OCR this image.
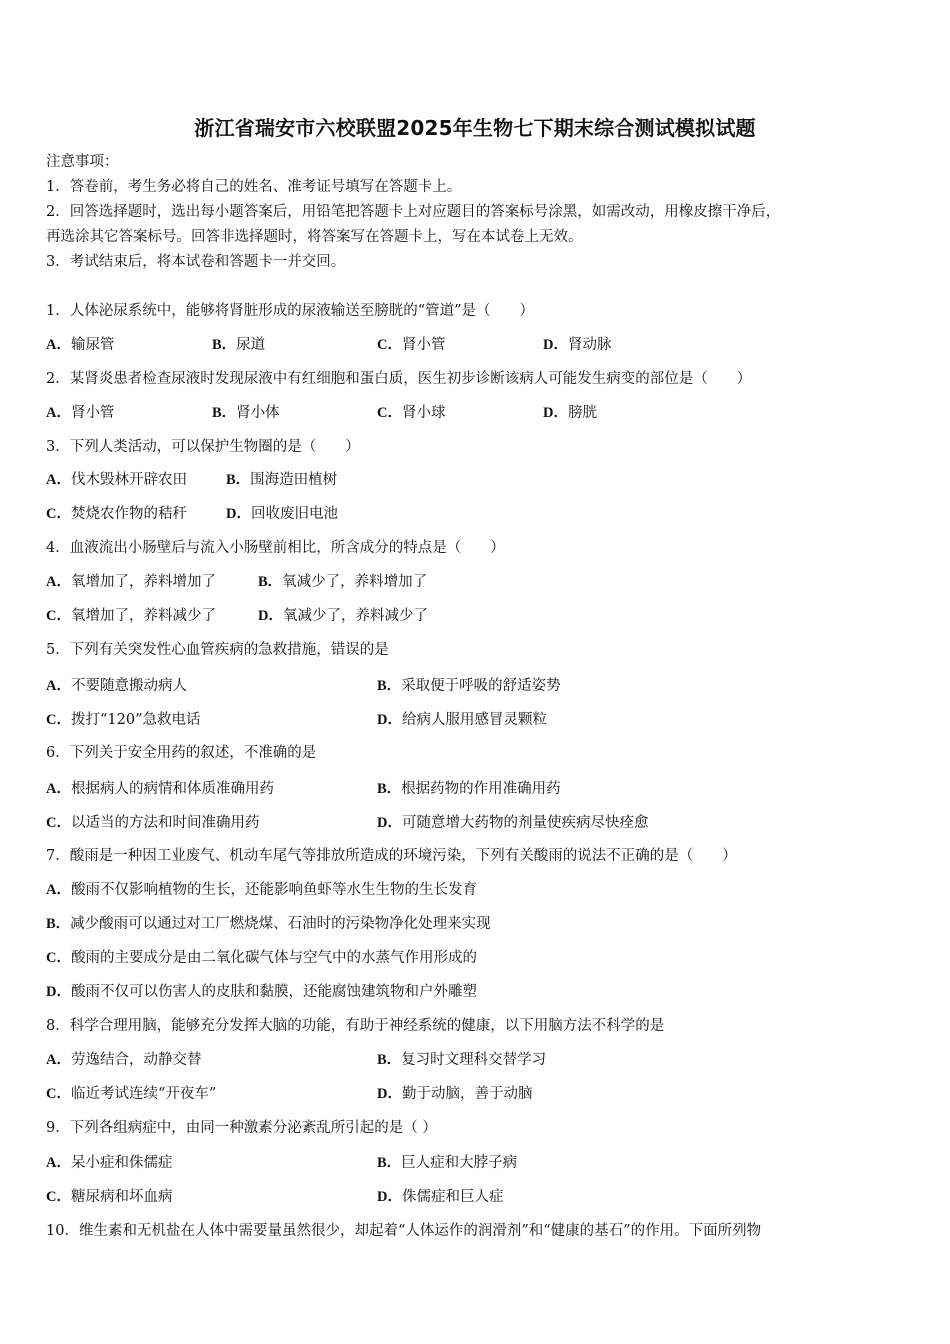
浙江省瑞安市六校联盟2025年生物七下期末综合测试模拟试题
注意事项：
1．答卷前，考生务必将自己的姓名、准考证号填写在答题卡上。
2．回答选择题时，选出每小题答案后，用铅笔把答题卡上对应题目的答案标号涂黑，如需改动，用橡皮擦干净后，
再选涂其它答案标号。回答非选择题时，将答案写在答题卡上，写在本试卷上无效。
3．考试结束后，将本试卷和答题卡一并交回。
1．人体泌尿系统中，能够将肾脏形成的尿液输送至膀胱的“管道”是（　　）
A．输尿管	B．尿道	C．肾小管	D．肾动脉
2．某肾炎患者检查尿液时发现尿液中有红细胞和蛋白质，医生初步诊断该病人可能发生病变的部位是（　　）
A．肾小管	B．肾小体	C．肾小球	D．膀胱
3．下列人类活动，可以保护生物圈的是（　　）
A．伐木毁林开辟农田	B．围海造田植树
C．焚烧农作物的秸秆	D．回收废旧电池
4．血液流出小肠壁后与流入小肠壁前相比，所含成分的特点是（　　）
A．氧增加了，养料增加了	B．氧减少了，养料增加了
C．氧增加了，养料减少了	D．氧减少了，养料减少了
5．下列有关突发性心血管疾病的急救措施，错误的是
A．不要随意搬动病人	B．采取便于呼吸的舒适姿势
C．拨打“120”急救电话	D．给病人服用感冒灵颗粒
6．下列关于安全用药的叙述，不准确的是
A．根据病人的病情和体质准确用药	B．根据药物的作用准确用药
C．以适当的方法和时间准确用药	D．可随意增大药物的剂量使疾病尽快痊愈
7．酸雨是一种因工业废气、机动车尾气等排放所造成的环境污染，下列有关酸雨的说法不正确的是（　　）
A．酸雨不仅影响植物的生长，还能影响鱼虾等水生生物的生长发育
B．减少酸雨可以通过对工厂燃烧煤、石油时的污染物净化处理来实现
C．酸雨的主要成分是由二氧化碳气体与空气中的水蒸气作用形成的
D．酸雨不仅可以伤害人的皮肤和黏膜，还能腐蚀建筑物和户外雕塑
8．科学合理用脑，能够充分发挥大脑的功能，有助于神经系统的健康，以下用脑方法不科学的是
A．劳逸结合，动静交替	B．复习时文理科交替学习
C．临近考试连续“开夜车”	D．勤于动脑，善于动脑
9．下列各组病症中，由同一种激素分泌紊乱所引起的是（ ）
A．呆小症和侏儒症	B．巨人症和大脖子病
C．糖尿病和坏血病	D．侏儒症和巨人症
10．维生素和无机盐在人体中需要量虽然很少，却起着“人体运作的润滑剂”和“健康的基石”的作用。下面所列物
